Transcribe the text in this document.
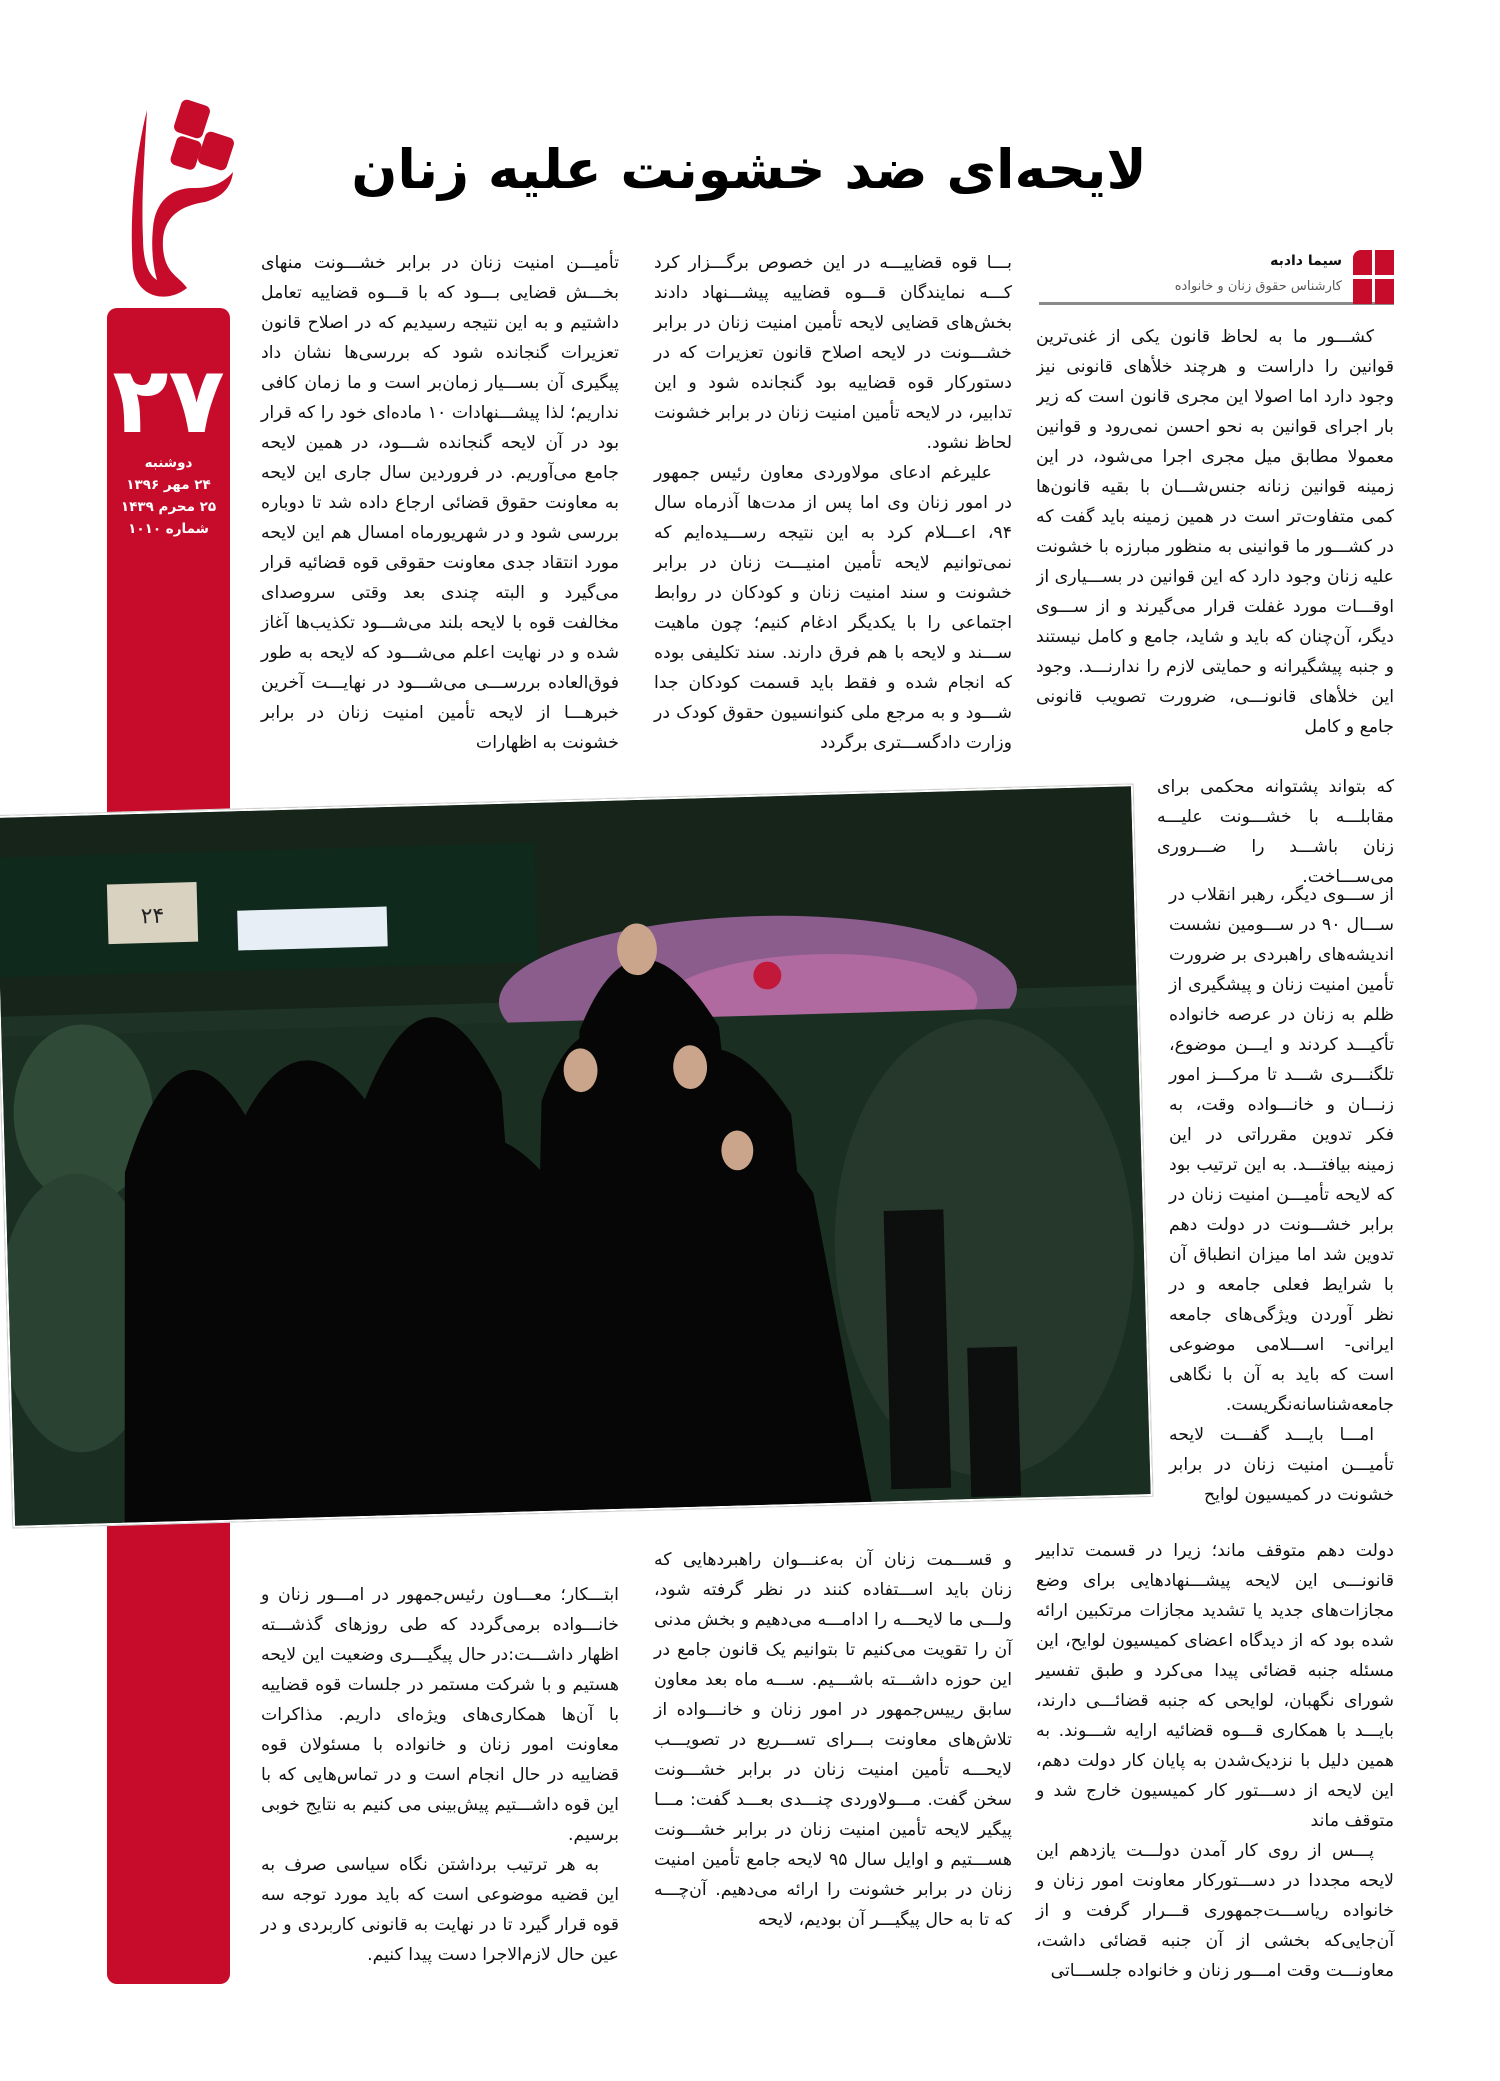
۲۷
دوشنبه
۲۴ مهر ۱۳۹۶
۲۵ محرم ۱۴۳۹
شماره ۱۰۱۰
لایحه‌ای ضد خشونت علیه زنان
سیما دادبه
کارشناس حقوق زنان و خانواده

کشـــور ما به لحاظ قانون یکی از غنی‌ترین قوانین را داراست و هرچند خلأهای قانونی نیز وجود دارد اما اصولا این مجری قانون است که زیر بار اجرای قوانین به نحو احسن نمی‌رود و قوانین معمولا مطابق میل مجری اجرا می‌شود، در این زمینه قوانین زنانه جنس‌شـــان با بقیه قانون‌ها کمی متفاوت‌تر است در همین زمینه باید گفت که در کشـــور ما قوانینی به منظور مبارزه با خشونت علیه زنان وجود دارد که این قوانین در بســـیاری از اوقـــات مورد غفلت قرار می‌گیرند و از ســـوی دیگر، آن‌چنان که باید و شاید، جامع و کامل نیستند و جنبه پیشگیرانه و حمایتی لازم را ندارنـــد. وجود این خلأهای قانونـــی، ضرورت تصویب قانونی جامع و کامل

که بتواند پشتوانه محکمی برای مقابلـــه با خشـــونت علیـــه زنان باشـــد را ضـــروری می‌ســـاخت.

از ســـوی دیگر، رهبر انقلاب در ســـال ۹۰ در ســـومین نشست اندیشه‌های راهبردی بر ضرورت تأمین امنیت زنان و پیشگیری از ظلم به زنان در عرصه خانواده تأکیـــد کردند و ایـــن موضوع، تلگنـــری شـــد تا مرکـــز امور زنـــان و خانـــواده وقت، به فکر تدوین مقرراتی در این زمینه بیافتـــد. به این ترتیب بود که لایحه تأمیـــن امنیت زنان در برابر خشـــونت در دولت دهم تدوین شد اما میزان انطباق آن با شرایط فعلی جامعه و در نظر آوردن ویژگی‌های جامعه ایرانی- اســـلامی موضوعی است که باید به آن با نگاهی جامعه‌شناسانه‌نگریست.

امـــا بایـــد گفـــت لایحه تأمیـــن امنیت زنان در برابر خشونت در کمیسیون لوایح

دولت دهم متوقف ماند؛ زیرا در قسمت تدابیر قانونـــی این لایحه پیشـــنهادهایی برای وضع مجازات‌های جدید یا تشدید مجازات مرتکبین ارائه شده بود که از دیدگاه اعضای کمیسیون لوایح، این مسئله جنبه قضائی پیدا می‌کرد و طبق تفسیر شورای نگهبان، لوایحی که جنبه قضائـــی دارند، بایـــد با همکاری قـــوه قضائیه ارایه شـــوند. به همین دلیل با نزدیک‌شدن به پایان کار دولت دهم، این لایحه از دســـتور کار کمیسیون خارج شد و متوقف ماند

پـــس از روی کار آمدن دولـــت یازدهم این لایحه مجددا در دســـتورکار معاونت امور زنان و خانواده ریاســـت‌جمهوری قـــرار گرفت و از آن‌جایی‌که بخشی از آن جنبه قضائی داشت، معاونـــت وقت امـــور زنان و خانواده جلســـاتی

بـــا قوه قضاییـــه در این خصوص برگـــزار کرد کـــه نمایندگان قـــوه قضاییه پیشـــنهاد دادند بخش‌های قضایی لایحه تأمین امنیت زنان در برابر خشـــونت در لایحه اصلاح قانون تعزیرات که در دستورکار قوه قضاییه بود گنجانده شود و این تدابیر، در لایحه تأمین امنیت زنان در برابر خشونت لحاظ نشود.

علیرغم ادعای مولاوردی معاون رئیس جمهور در امور زنان وی اما پس از مدت‌ها آذرماه سال ۹۴، اعـــلام کرد به این نتیجه رســـیده‌ایم که نمی‌توانیم لایحه تأمین امنیـــت زنان در برابر خشونت و سند امنیت زنان و کودکان در روابط اجتماعی را با یکدیگر ادغام کنیم؛ چون ماهیت ســـند و لایحه با هم فرق دارند. سند تکلیفی بوده که انجام شده و فقط باید قسمت کودکان جدا شـــود و به مرجع ملی کنوانسیون حقوق کودک در وزارت دادگســـتری برگردد

تأمیـــن امنیت زنان در برابر خشـــونت منهای بخـــش قضایی بـــود که با قـــوه قضاییه تعامل داشتیم و به این نتیجه رسیدیم که در اصلاح قانون تعزیرات گنجانده شود که بررسی‌ها نشان داد پیگیری آن بســـیار زمان‌بر است و ما زمان کافی نداریم؛ لذا پیشـــنهادات ۱۰ ماده‌ای خود را که قرار بود در آن لایحه گنجانده شـــود، در همین لایحه جامع می‌آوریم. در فروردین سال جاری این لایحه به معاونت حقوق قضائی ارجاع داده شد تا دوباره بررسی شود و در شهریورماه امسال هم این لایحه مورد انتقاد جدی معاونت حقوقی قوه قضائیه قرار می‌گیرد و البته چندی بعد وقتی سروصدای مخالفت قوه با لایحه بلند می‌شـــود تکذیب‌ها آغاز شده و در نهایت اعلم می‌شـــود که لایحه به طور فوق‌العاده بررســـی می‌شـــود در نهایـــت آخرین خبرهـــا از لایحه تأمین امنیت زنان در برابر خشونت به اظهارات

۲۴

و قســـمت زنان آن به‌عنـــوان راهبردهایی که زنان باید اســـتفاده کنند در نظر گرفته شود، ولـــی ما لایحـــه را ادامـــه می‌دهیم و بخش مدنی آن را تقویت می‌کنیم تا بتوانیم یک قانون جامع در این حوزه داشـــته باشـــیم. ســـه ماه بعد معاون سابق رییس‌جمهور در امور زنان و خانـــواده از تلاش‌های معاونت بـــرای تســـریع در تصویـــب لایحـــه تأمین امنیت زنان در برابر خشـــونت سخن گفت. مـــولاوردی چنـــدی بعـــد گفت: مـــا پیگیر لایحه تأمین امنیت زنان در برابر خشـــونت هســـتیم و اوایل سال ۹۵ لایحه جامع تأمین امنیت زنان در برابر خشونت را ارائه می‌دهیم. آن‌چـــه که تا به حال پیگیـــر آن بودیم، لایحه

ابتـــکار؛ معـــاون رئیس‌جمهور در امـــور زنان و خانـــواده برمی‌گردد که طی روزهای گذشـــته اظهار داشـــت:در حال پیگیـــری وضعیت این لایحه هستیم و با شرکت مستمر در جلسات قوه قضاییه با آن‌ها همکاری‌های ویژه‌ای داریم. مذاکرات معاونت امور زنان و خانواده با مسئولان قوه قضاییه در حال انجام است و در تماس‌هایی که با این قوه داشـــتیم پیش‌بینی می کنیم به نتایج خوبی برسیم.

به هر ترتیب برداشتن نگاه سیاسی صرف به این قضیه موضوعی است که باید مورد توجه سه قوه قرار گیرد تا در نهایت به قانونی کاربردی و در عین حال لازم‌الاجرا دست پیدا کنیم.
